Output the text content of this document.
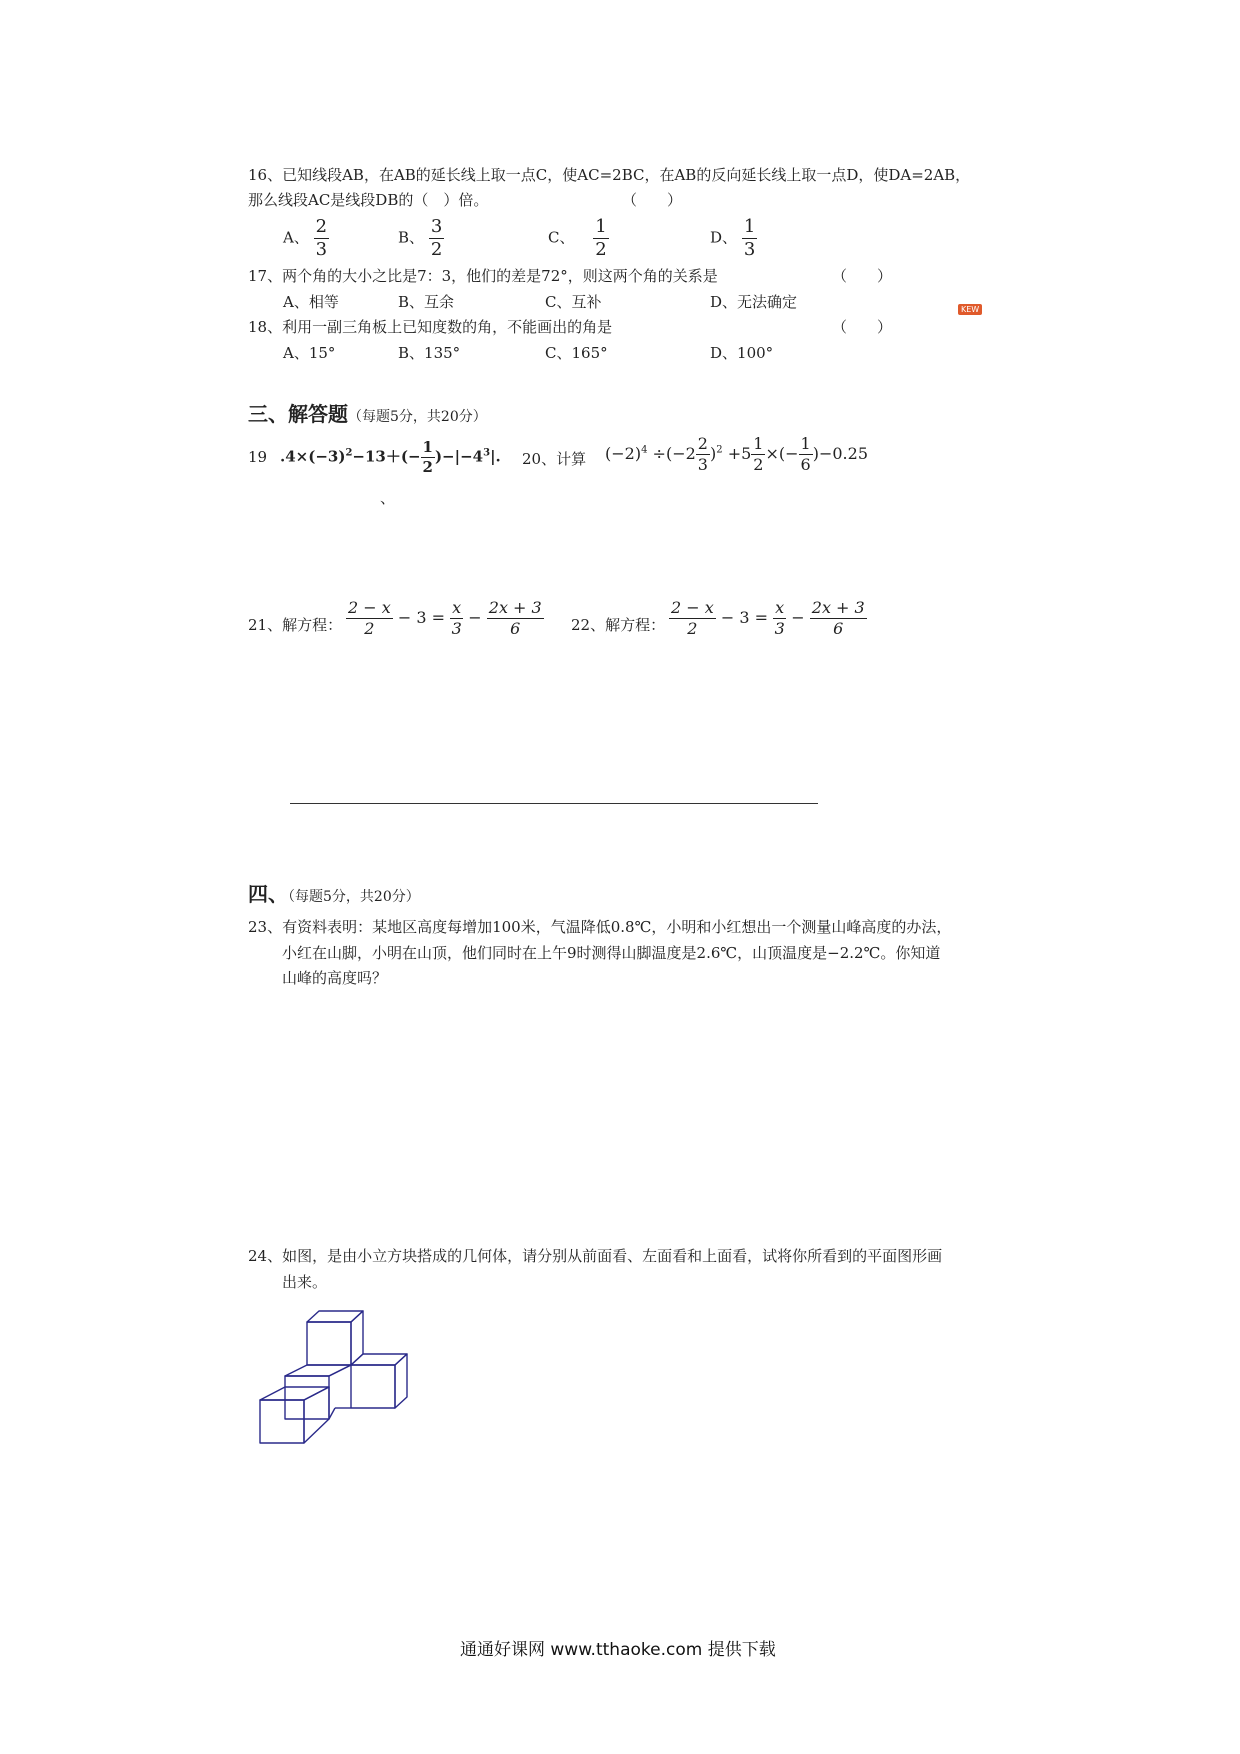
16、已知线段AB，在AB的延长线上取一点C，使AC=2BC，在AB的反向延长线上取一点D，使DA=2AB，
那么线段AC是线段DB的（　）倍。	（　　）
A、 $\frac{2}{3}$	B、 $\frac{3}{2}$	C、 $\frac{1}{2}$	D、 $\frac{1}{3}$
17、两个角的大小之比是7：3，他们的差是72°，则这两个角的关系是	（　　）
A、相等	B、互余	C、互补	D、无法确定	KEW
18、利用一副三角板上已知度数的角，不能画出的角是	（　　）
A、15°	B、135°	C、165°	D、100°
三、解答题（每题5分，共20分）
19 $.4\times(-3)^2-13+(- \frac{1}{2} )-|-4^3|$.
、
20、计算 $(-2)^4 \div(-2 \frac{2}{3} )^2 +5 \frac{1}{2}$ ×(− $\frac{1}{6} )-0.25$
21、解方程： $\frac{2 - x}{2} - 3 = \frac{x}{3} - \frac{2x + 3}{6} 22$、解方程： $\frac{2 - x}{2} - 3 = \frac{x}{3} - \frac{2x + 3}{6}$
四、（每题5分，共20分）
23、有资料表明：某地区高度每增加100米，气温降低0.8℃，小明和小红想出一个测量山峰高度的办法，
小红在山脚，小明在山顶，他们同时在上午9时测得山脚温度是2.6℃，山顶温度是−2.2℃。你知道
山峰的高度吗？
24、如图，是由小立方块搭成的几何体，请分别从前面看、左面看和上面看，试将你所看到的平面图形画
出来。
通通好课网 www.tthaoke.com 提供下载
